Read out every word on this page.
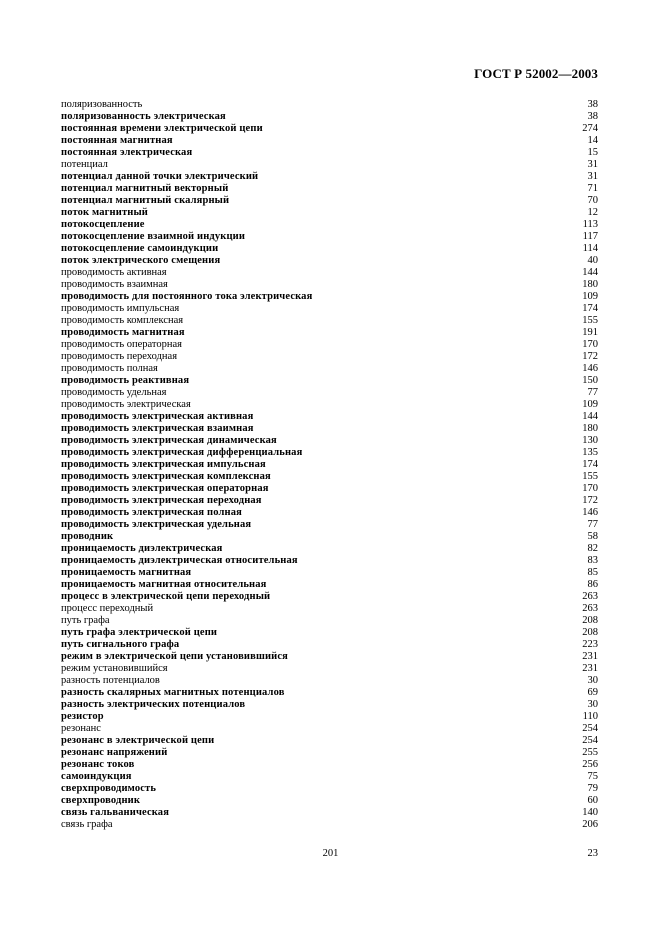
ГОСТ Р 52002—2003
поляризованность	38
поляризованность электрическая	38
постоянная времени электрической цепи	274
постоянная магнитная	14
постоянная электрическая	15
потенциал	31
потенциал данной точки электрический	31
потенциал магнитный векторный	71
потенциал магнитный скалярный	70
поток магнитный	12
потокосцепление	113
потокосцепление взаимной индукции	117
потокосцепление самоиндукции	114
поток электрического смещения	40
проводимость активная	144
проводимость взаимная	180
проводимость для постоянного тока электрическая	109
проводимость импульсная	174
проводимость комплексная	155
проводимость магнитная	191
проводимость операторная	170
проводимость переходная	172
проводимость полная	146
проводимость реактивная	150
проводимость удельная	77
проводимость электрическая	109
проводимость электрическая активная	144
проводимость электрическая взаимная	180
проводимость электрическая динамическая	130
проводимость электрическая дифференциальная	135
проводимость электрическая импульсная	174
проводимость электрическая комплексная	155
проводимость электрическая операторная	170
проводимость электрическая переходная	172
проводимость электрическая полная	146
проводимость электрическая удельная	77
проводник	58
проницаемость диэлектрическая	82
проницаемость диэлектрическая относительная	83
проницаемость магнитная	85
проницаемость магнитная относительная	86
процесс в электрической цепи переходный	263
процесс переходный	263
путь графа	208
путь графа электрической цепи	208
путь сигнального графа	223
режим в электрической цепи установившийся	231
режим установившийся	231
разность потенциалов	30
разность скалярных магнитных потенциалов	69
разность электрических потенциалов	30
резистор	110
резонанс	254
резонанс в электрической цепи	254
резонанс напряжений	255
резонанс токов	256
самоиндукция	75
сверхпроводимость	79
сверхпроводник	60
связь гальваническая	140
связь графа	206
201	23
